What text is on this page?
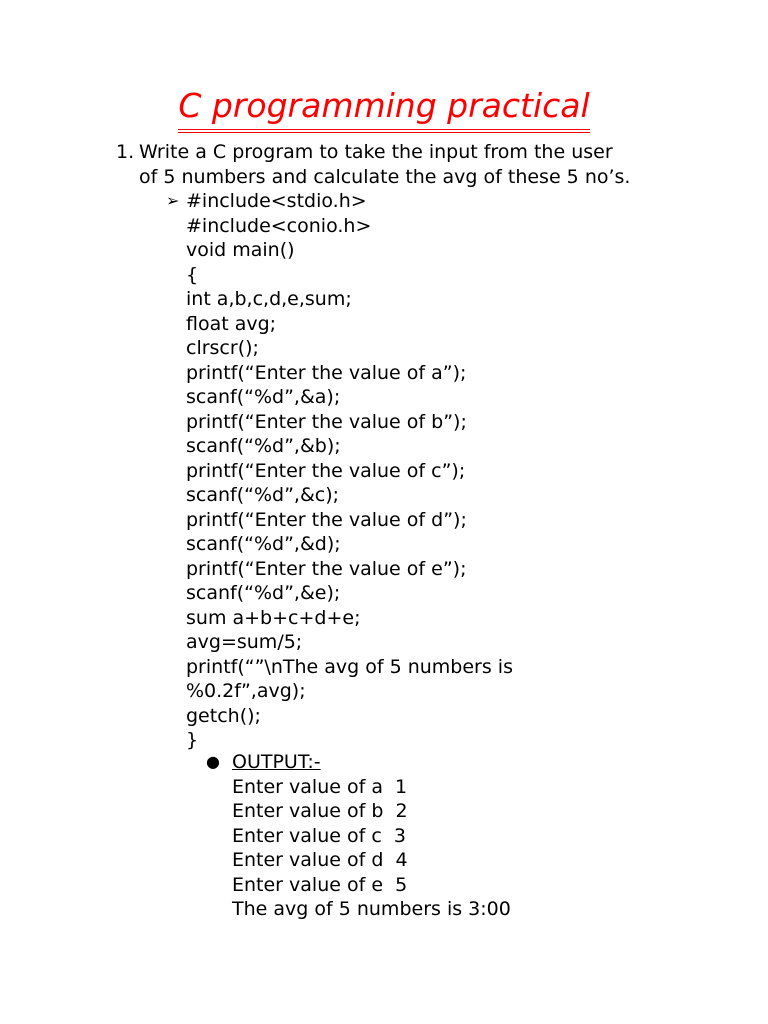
C programming practical
1. Write a C program to take the input from the user
of 5 numbers and calculate the avg of these 5 no’s.
➢ #include<stdio.h>
#include<conio.h>
void main()
{
int a,b,c,d,e,sum;
float avg;
clrscr();
printf(“Enter the value of a”);
scanf(“%d”,&a);
printf(“Enter the value of b”);
scanf(“%d”,&b);
printf(“Enter the value of c”);
scanf(“%d”,&c);
printf(“Enter the value of d”);
scanf(“%d”,&d);
printf(“Enter the value of e”);
scanf(“%d”,&e);
sum a+b+c+d+e;
avg=sum/5;
printf(“”\nThe avg of 5 numbers is
%0.2f”,avg);
getch();
}
● OUTPUT:-
Enter value of a  1
Enter value of b  2
Enter value of c  3
Enter value of d  4
Enter value of e  5
The avg of 5 numbers is 3:00
